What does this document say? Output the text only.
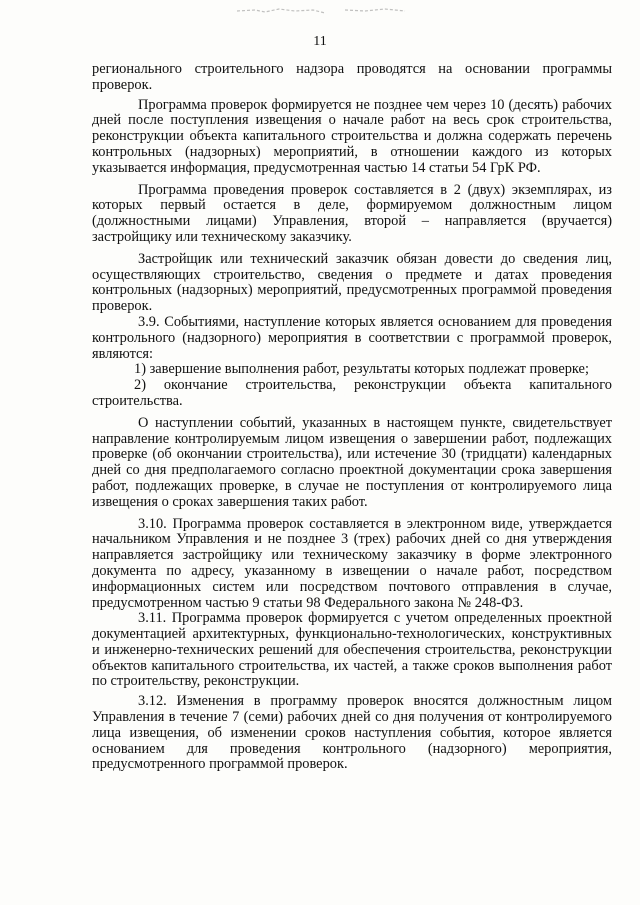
11

регионального строительного надзора проводятся на основании программы проверок.

Программа проверок формируется не позднее чем через 10 (десять) рабочих дней после поступления извещения о начале работ на весь срок строительства, реконструкции объекта капитального строительства и должна содержать перечень контрольных (надзорных) мероприятий, в отношении каждого из которых указывается информация, предусмотренная частью 14 статьи 54 ГрК РФ.

Программа проведения проверок составляется в 2 (двух) экземплярах, из которых первый остается в деле, формируемом должностным лицом (должностными лицами) Управления, второй – направляется (вручается) застройщику или техническому заказчику.

Застройщик или технический заказчик обязан довести до сведения лиц, осуществляющих строительство, сведения о предмете и датах проведения контрольных (надзорных) мероприятий, предусмотренных программой проведения проверок.

3.9. Событиями, наступление которых является основанием для проведения контрольного (надзорного) мероприятия в соответствии с программой проверок, являются:

1) завершение выполнения работ, результаты которых подлежат проверке;

2) окончание строительства, реконструкции объекта капитального строительства.

О наступлении событий, указанных в настоящем пункте, свидетельствует направление контролируемым лицом извещения о завершении работ, подлежащих проверке (об окончании строительства), или истечение 30 (тридцати) календарных дней со дня предполагаемого согласно проектной документации срока завершения работ, подлежащих проверке, в случае не поступления от контролируемого лица извещения о сроках завершения таких работ.

3.10. Программа проверок составляется в электронном виде, утверждается начальником Управления и не позднее 3 (трех) рабочих дней со дня утверждения направляется застройщику или техническому заказчику в форме электронного документа по адресу, указанному в извещении о начале работ, посредством информационных систем или посредством почтового отправления в случае, предусмотренном частью 9 статьи 98 Федерального закона № 248-ФЗ.

3.11. Программа проверок формируется с учетом определенных проектной документацией архитектурных, функционально-технологических, конструктивных и инженерно-технических решений для обеспечения строительства, реконструкции объектов капитального строительства, их частей, а также сроков выполнения работ по строительству, реконструкции.

3.12. Изменения в программу проверок вносятся должностным лицом Управления в течение 7 (семи) рабочих дней со дня получения от контролируемого лица извещения, об изменении сроков наступления события, которое является основанием для проведения контрольного (надзорного) мероприятия, предусмотренного программой проверок.
